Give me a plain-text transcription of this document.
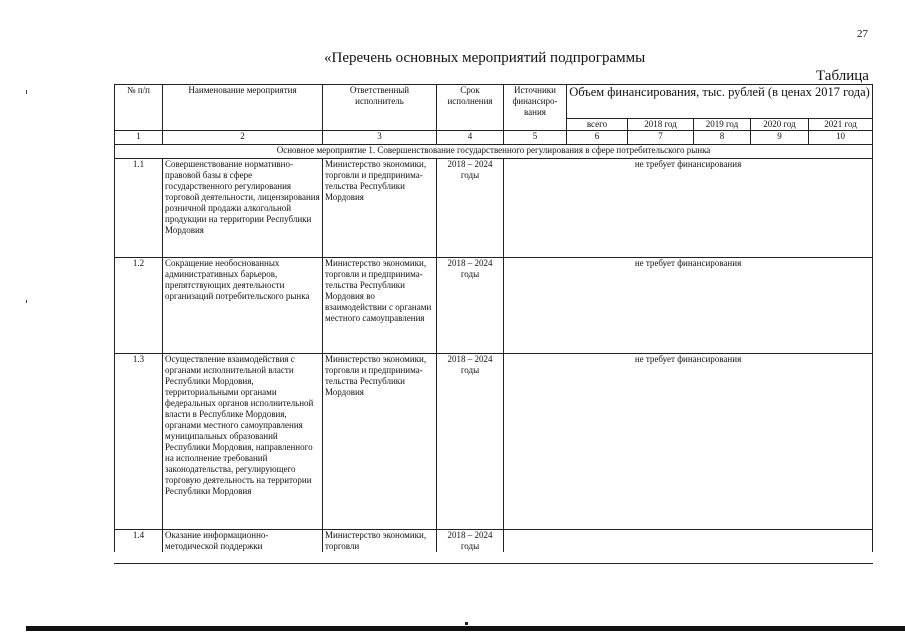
27
«Перечень основных мероприятий подпрограммы
Таблица
№ п/п	Наименование мероприятия	Ответственный исполнитель	Срок исполнения	Источники финансиро-вания	Объем финансирования, тыс. рублей (в ценах 2017 года)				
					всего	2018 год	2019 год	2020 год	2021 год
1	2	3	4	5	6	7	8	9	10
Основное мероприятие 1. Совершенствование государственного регулирования в сфере потребительского рынка									
1.1	Совершенствование нормативно-правовой базы в сфере государственного регулирования торговой деятельности, лицензирования розничной продажи алкогольной продукции на территории Республики Мордовия	Министерство экономики, торговли и предпринима-тельства Республики Мордовия	2018 – 2024 годы	не требует финансирования					
1.2	Сокращение необоснованных административных барьеров, препятствующих деятельности организаций потребительского рынка	Министерство экономики, торговли и предпринима-тельства Республики Мордовия во взаимодействии с органами местного самоуправления	2018 – 2024 годы	не требует финансирования					
1.3	Осуществление взаимодействия с органами исполнительной власти Республики Мордовия, территориальными органами федеральных органов исполнительной власти в Республике Мордовия, органами местного самоуправления муниципальных образований Республики Мордовия, направленного на исполнение требований законодательства, регулирующего торговую деятельность на территории Республики Мордовия	Министерство экономики, торговли и предпринима-тельства Республики Мордовия	2018 – 2024 годы	не требует финансирования					
1.4	Оказание информационно-методической поддержки	Министерство экономики, торговли	2018 – 2024 годы						
